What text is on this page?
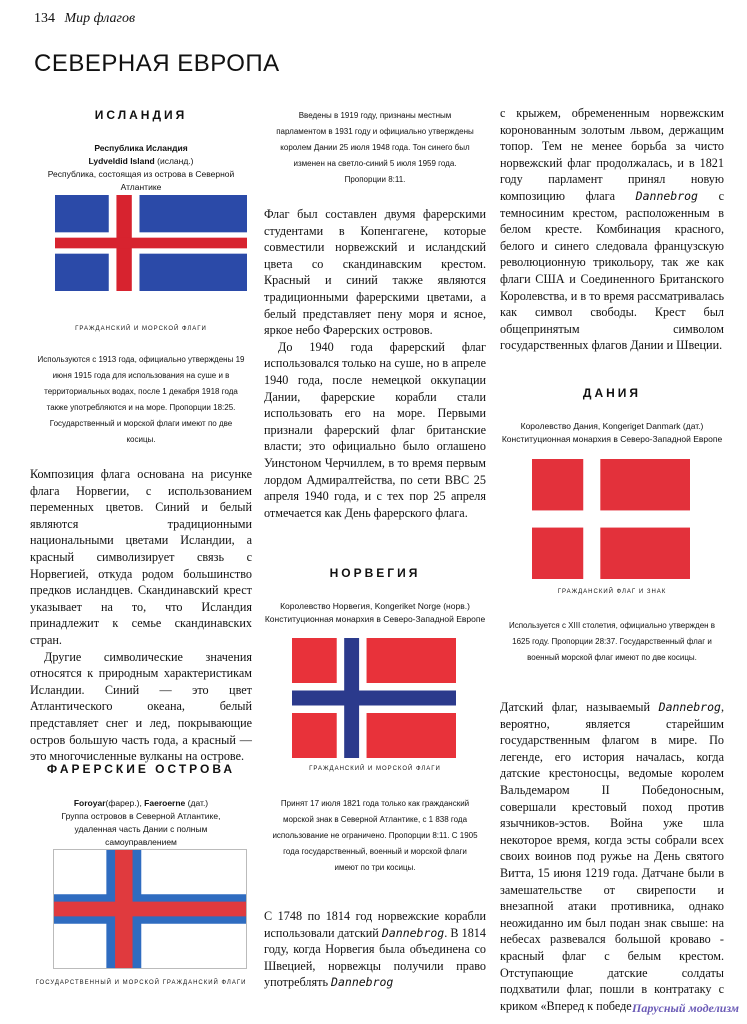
134 Мир флагов
СЕВЕРНАЯ ЕВРОПА
ИСЛАНДИЯ
Республика Исландия
Lydveldid Island (исланд.)
Республика, состоящая из острова в Северной Атлантике
ГРАЖДАНСКИЙ И МОРСКОЙ ФЛАГИ
Используются с 1913 года, официально утверждены 19 июня 1915 года для использования на суше и в территориальных водах, после 1 декабря 1918 года также употребляются и на море. Пропорции 18:25. Государственный и морской флаги имеют по две косицы.

Композиция флага основана на рисунке флага Норвегии, с использованием переменных цветов. Синий и белый являются традиционными национальными цветами Исландии, а красный символизирует связь с Норвегией, откуда родом большинство предков исландцев. Скандинавский крест указывает на то, что Исландия принадлежит к семье скандинавских стран.

Другие символические значения относятся к природным характеристикам Исландии. Синий — это цвет Атлантического океана, белый представляет снег и лед, покрывающие остров большую часть года, а красный — это многочисленные вулканы на острове.

ФАРЕРСКИЕ ОСТРОВА
Foroyar(фарер.), Faeroerne (дат.)
Группа островов в Северной Атлантике, удаленная часть Дании с полным самоуправлением
ГОСУДАРСТВЕННЫЙ И МОРСКОЙ ГРАЖДАНСКИЙ ФЛАГИ
Введены в 1919 году, признаны местным парламентом в 1931 году и официально утверждены королем Дании 25 июля 1948 года. Тон синего был изменен на светло-синий 5 июля 1959 года. Пропорции 8:11.

Флаг был составлен двумя фарерскими студентами в Копенгагене, которые совместили норвежский и исландский цвета со скандинавским крестом. Красный и синий также являются традиционными фарерскими цветами, а белый представляет пену моря и ясное, яркое небо Фарерских островов.

До 1940 года фарерский флаг использовался только на суше, но в апреле 1940 года, после немецкой оккупации Дании, фарерские корабли стали использовать его на море. Первыми признали фарерский флаг британские власти; это официально было оглашено Уинстоном Черчиллем, в то время первым лордом Адмиралтейства, по сети ВВС 25 апреля 1940 года, и с тех пор 25 апреля отмечается как День фарерского флага.

НОРВЕГИЯ
Королевство Норвегия, Kongeriket Norge (норв.)
Конституционная монархия в Северо-Западной Европе
ГРАЖДАНСКИЙ И МОРСКОЙ ФЛАГИ
Принят 17 июля 1821 года только как гражданский морской знак в Северной Атлантике, с 1 838 года использование не ограничено. Пропорции 8:11. С 1905 года государственный, военный и морской флаги имеют по три косицы.

С 1748 по 1814 год норвежские корабли использовали датский Dannebrog. В 1814 году, когда Норвегия была объединена со Швецией, норвежцы получили право употреблять Dannebrog

с крыжем, обремененным норвежским коронованным золотым львом, держащим топор. Тем не менее борьба за чисто норвежский флаг продолжалась, и в 1821 году парламент принял новую композицию флага Dannebrog с темносиним крестом, расположенным в белом кресте. Комбинация красного, белого и синего следовала французскую революционную трикольору, так же как флаги США и Соединенного Британского Королевства, и в то время рассматривалась как символ свободы. Крест был общепринятым символом государственных флагов Дании и Швеции.

ДАНИЯ
Королевство Дания, Kongeriget Danmark (дат.)
Конституционная монархия в Северо-Западной Европе
ГРАЖДАНСКИЙ ФЛАГ И ЗНАК
Используется с XIII столетия, официально утвержден в 1625 году. Пропорции 28:37. Государственный флаг и военный морской флаг имеют по две косицы.

Датский флаг, называемый Dannebrog, вероятно, является старейшим государственным флагом в мире. По легенде, его история началась, когда датские крестоносцы, ведомые королем Вальдемаром II Победоносным, совершали крестовый поход против язычников-эстов. Война уже шла некоторое время, когда эсты собрали всех своих воинов под ружье на День святого Витта, 15 июня 1219 года. Датчане были в замешательстве от свирепости и внезапной атаки противника, однако неожиданно им был подан знак свыше: на небесах развевался большой кроваво - красный флаг с белым крестом. Отступающие датские солдаты подхватили флаг, пошли в контратаку с криком «Вперед к победе Парусный моделизм
